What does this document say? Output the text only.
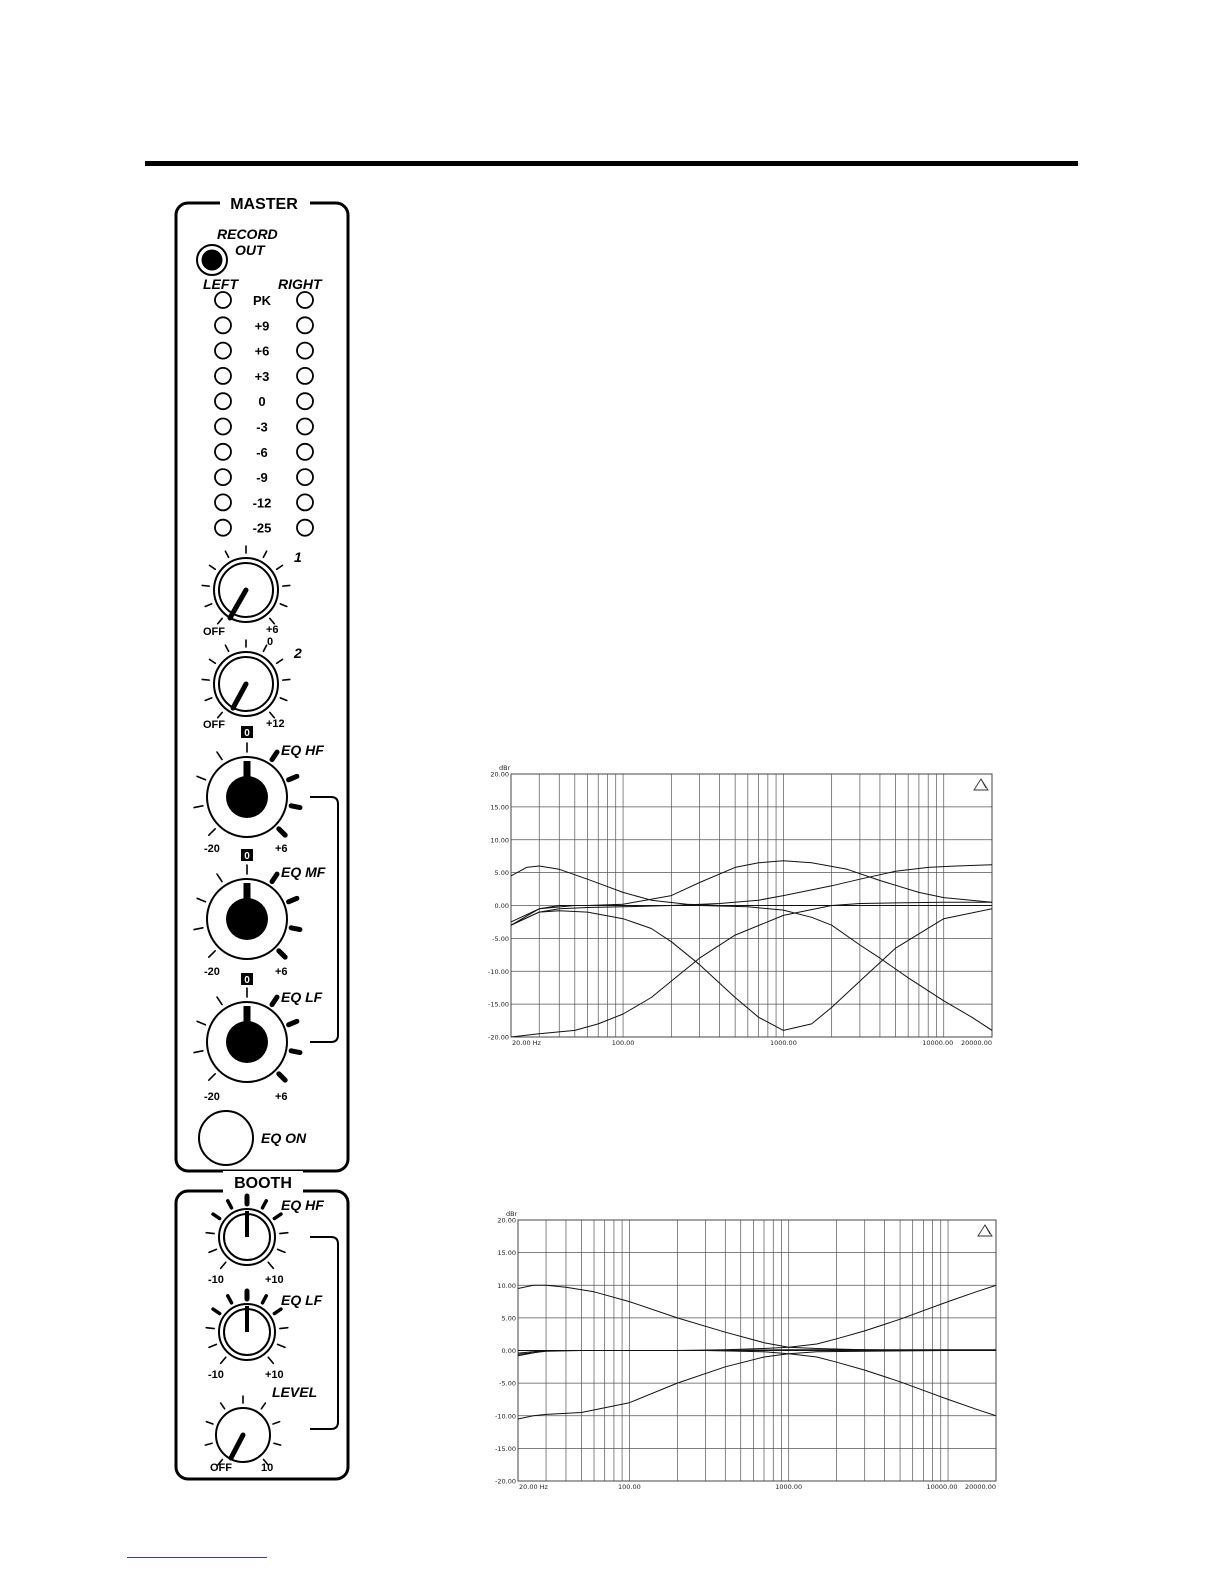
MASTER
RECORD
OUT
LEFT	RIGHT
PK
+9
+6
+3
0
-3
-6
-9
-12
-25
1
OFF	+6
0
2
OFF	+12
0
EQ HF
-20	+6
0
EQ MF
-20	+6
0
EQ LF
-20	+6
EQ ON
BOOTH
EQ HF
-10	+10
EQ LF
-10	+10
LEVEL
OFF	10
20.00
15.00
10.00
5.00
0.00
-5.00
-10.00
-15.00
-20.00
dBr
20.00 Hz	100.00	1000.00	10000.00 20000.00
20.00
15.00
10.00
5.00
0.00
-5.00
-10.00
-15.00
-20.00
dBr
20.00 Hz	100.00	1000.00	10000.00 20000.00
